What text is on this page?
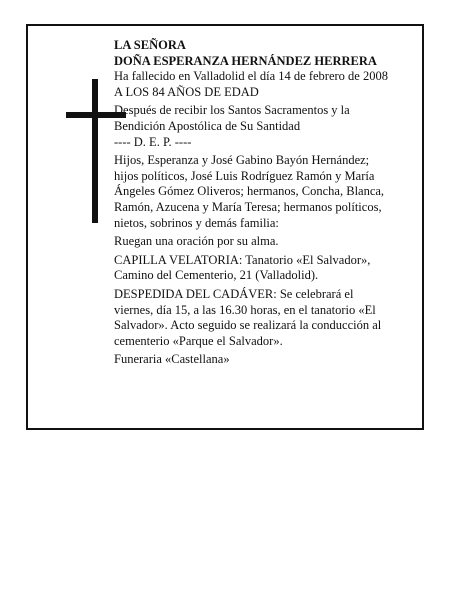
LA SEÑORA

DOÑA ESPERANZA HERNÁNDEZ HERRERA

Ha fallecido en Valladolid el día 14 de febrero de 2008

A LOS 84 AÑOS DE EDAD

Después de recibir los Santos Sacramentos y la

Bendición Apostólica de Su Santidad

---- D. E. P. ----

Hijos, Esperanza y José Gabino Bayón Hernández;

hijos políticos, José Luis Rodríguez Ramón y María

Ángeles Gómez Oliveros; hermanos, Concha, Blanca,

Ramón, Azucena y María Teresa; hermanos políticos,

nietos, sobrinos y demás familia:

Ruegan una oración por su alma.

CAPILLA VELATORIA: Tanatorio «El Salvador»,

Camino del Cementerio, 21 (Valladolid).

DESPEDIDA DEL CADÁVER: Se celebrará el

viernes, día 15, a las 16.30 horas, en el tanatorio «El

Salvador». Acto seguido se realizará la conducción al

cementerio «Parque el Salvador».

Funeraria «Castellana»
